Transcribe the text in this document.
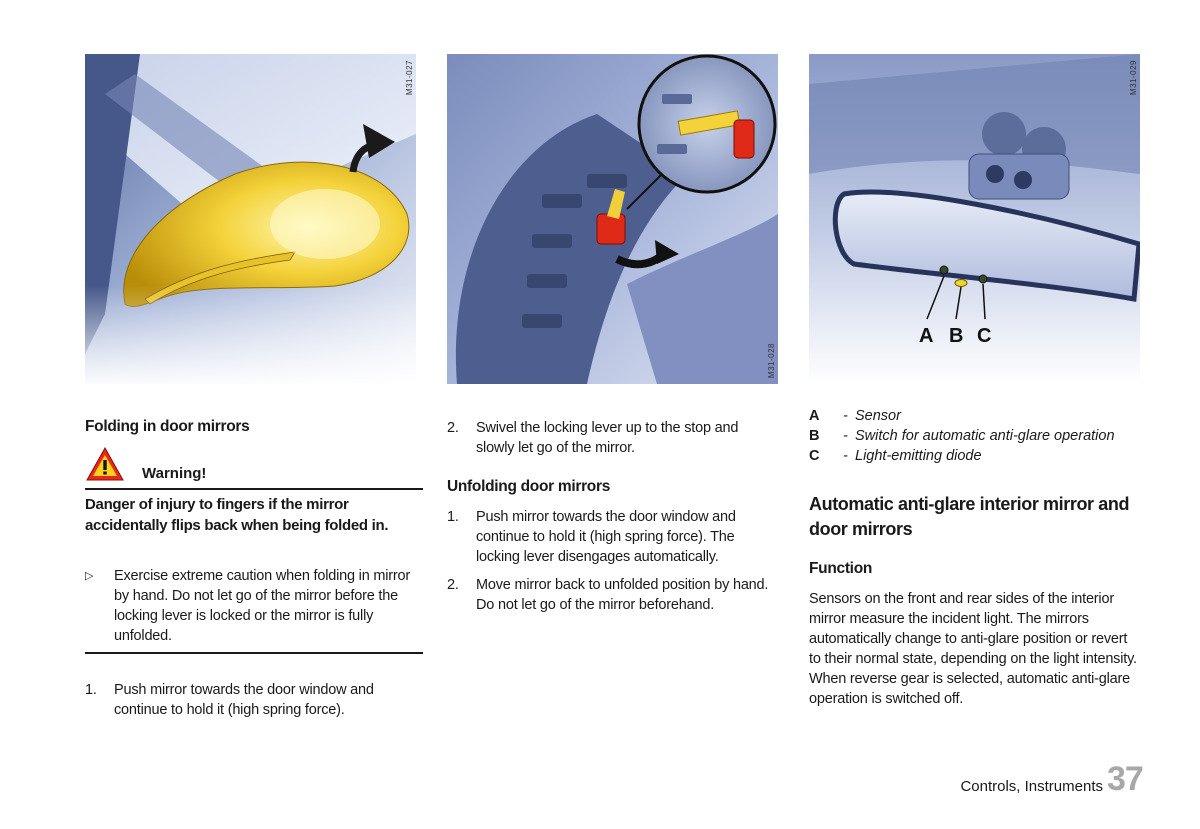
M31-027
M31-028
A B C
M31-029
Folding in door mirrors
Warning!
Danger of injury to fingers if the mirror accidentally flips back when being folded in.
▷ Exercise extreme caution when folding in mirror by hand. Do not let go of the mirror before the locking lever is locked or the mirror is fully unfolded.
1. Push mirror towards the door window and continue to hold it (high spring force).
2. Swivel the locking lever up to the stop and slowly let go of the mirror.
Unfolding door mirrors
1. Push mirror towards the door window and continue to hold it (high spring force). The locking lever disengages automatically.
2. Move mirror back to unfolded position by hand. Do not let go of the mirror beforehand.
A - Sensor
B - Switch for automatic anti-glare operation
C - Light-emitting diode
Automatic anti-glare interior mirror and door mirrors
Function
Sensors on the front and rear sides of the interior mirror measure the incident light. The mirrors automatically change to anti-glare position or revert to their normal state, depending on the light intensity. When reverse gear is selected, automatic anti-glare operation is switched off.
Controls, Instruments 37
